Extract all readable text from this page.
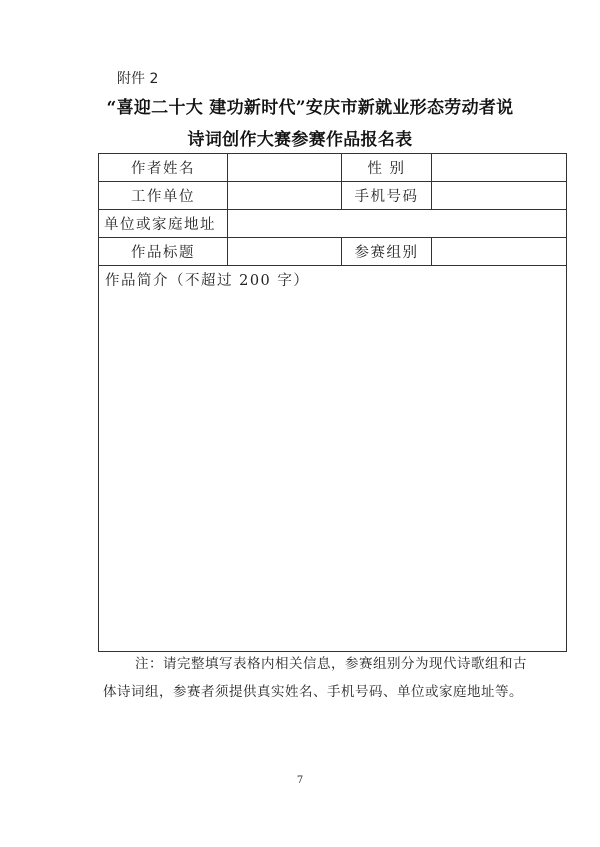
附件 2
“喜迎二十大 建功新时代”安庆市新就业形态劳动者说
诗词创作大赛参赛作品报名表
作者姓名		性 别	
工作单位		手机号码	
单位或家庭地址			
作品标题		参赛组别	
作品简介（不超过 200 字）			
注：请完整填写表格内相关信息，参赛组别分为现代诗歌组和古
体诗词组，参赛者须提供真实姓名、手机号码、单位或家庭地址等。
7
